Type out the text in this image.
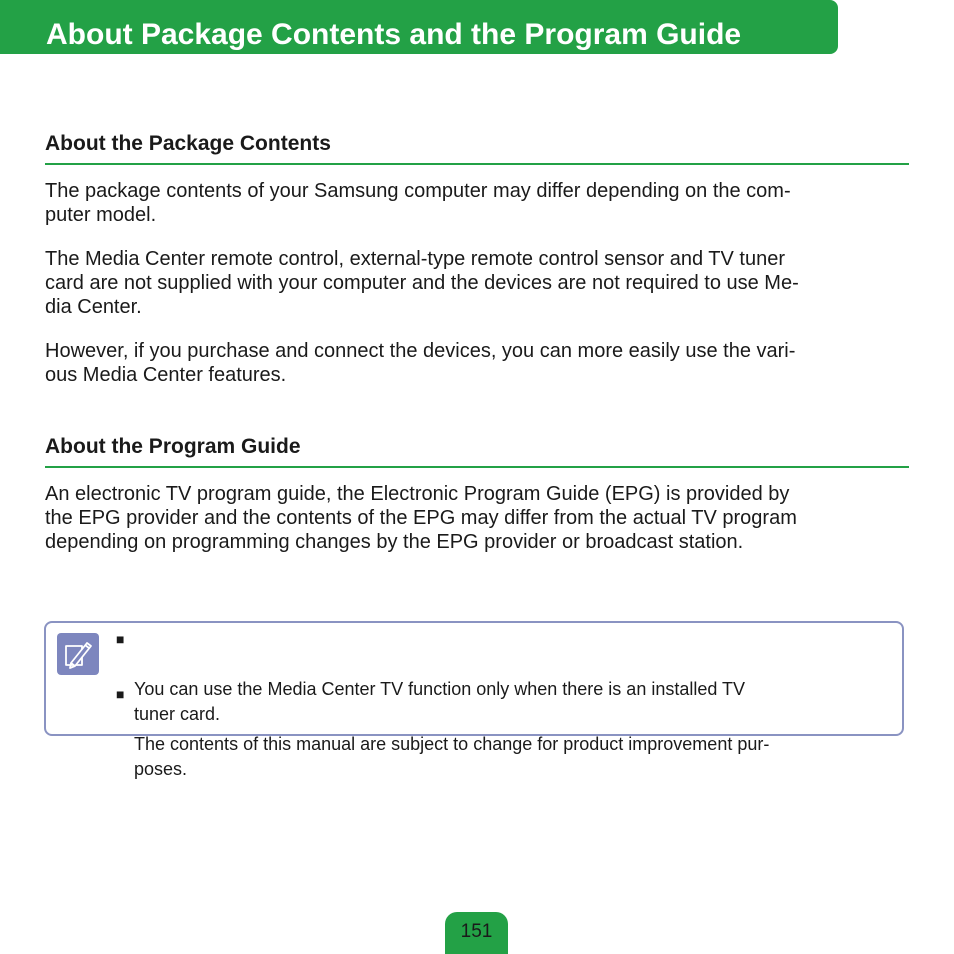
About Package Contents and the Program Guide
About the Package Contents

The package contents of your Samsung computer may differ depending on the com-
puter model.

The Media Center remote control, external-type remote control sensor and TV tuner
card are not supplied with your computer and the devices are not required to use Me-
dia Center.

However, if you purchase and connect the devices, you can more easily use the vari-
ous Media Center features.

About the Program Guide

An electronic TV program guide, the Electronic Program Guide (EPG) is provided by
the EPG provider and the contents of the EPG may differ from the actual TV program
depending on programming changes by the EPG provider or broadcast station.

■

You can use the Media Center TV function only when there is an installed TV
tuner card.

■

The contents of this manual are subject to change for product improvement pur-
poses.

151
